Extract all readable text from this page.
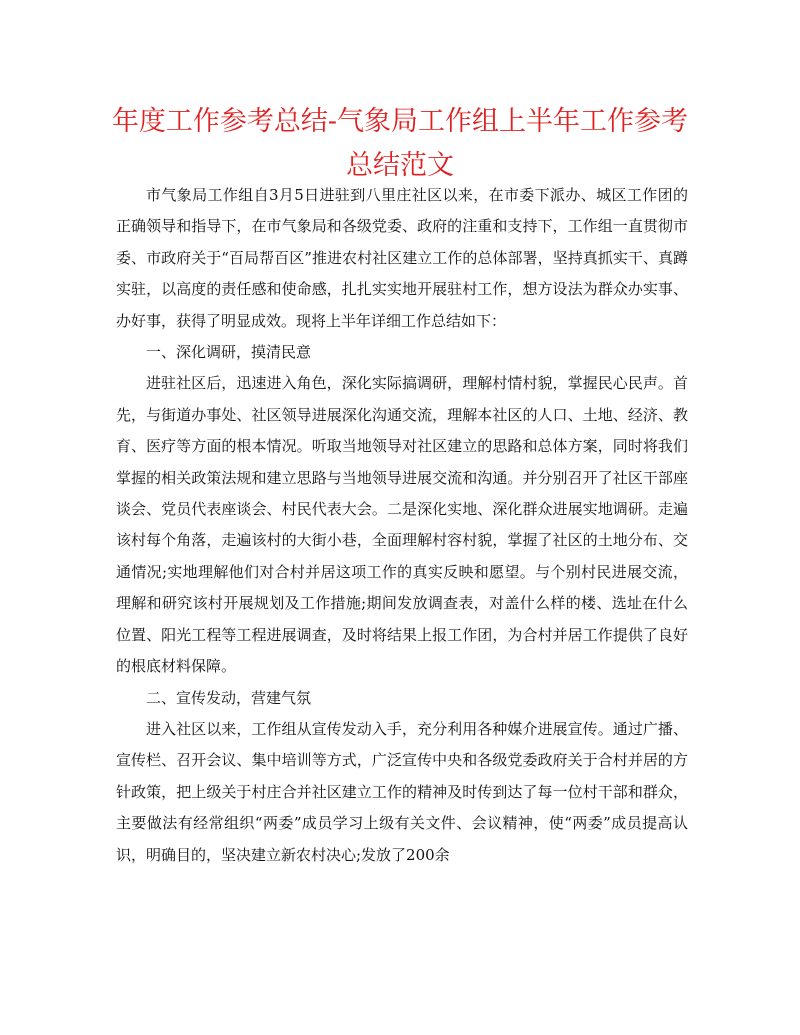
年度工作参考总结-气象局工作组上半年工作参考总结范文

市气象局工作组自3月5日进驻到八里庄社区以来，在市委下派办、城区工作团的正确领导和指导下，在市气象局和各级党委、政府的注重和支持下，工作组一直贯彻市委、市政府关于“百局帮百区”推进农村社区建立工作的总体部署，坚持真抓实干、真蹲实驻，以高度的责任感和使命感，扎扎实实地开展驻村工作，想方设法为群众办实事、办好事，获得了明显成效。现将上半年详细工作总结如下：

一、深化调研，摸清民意

进驻社区后，迅速进入角色，深化实际搞调研，理解村情村貌，掌握民心民声。首先，与街道办事处、社区领导进展深化沟通交流，理解本社区的人口、土地、经济、教育、医疗等方面的根本情况。听取当地领导对社区建立的思路和总体方案，同时将我们掌握的相关政策法规和建立思路与当地领导进展交流和沟通。并分别召开了社区干部座谈会、党员代表座谈会、村民代表大会。二是深化实地、深化群众进展实地调研。走遍该村每个角落，走遍该村的大街小巷，全面理解村容村貌，掌握了社区的土地分布、交通情况;实地理解他们对合村并居这项工作的真实反映和愿望。与个别村民进展交流，理解和研究该村开展规划及工作措施;期间发放调查表，对盖什么样的楼、选址在什么位置、阳光工程等工程进展调查，及时将结果上报工作团，为合村并居工作提供了良好的根底材料保障。

二、宣传发动，营建气氛

进入社区以来，工作组从宣传发动入手，充分利用各种媒介进展宣传。通过广播、宣传栏、召开会议、集中培训等方式，广泛宣传中央和各级党委政府关于合村并居的方针政策，把上级关于村庄合并社区建立工作的精神及时传到达了每一位村干部和群众，主要做法有经常组织“两委”成员学习上级有关文件、会议精神，使“两委”成员提高认识，明确目的，坚决建立新农村决心;发放了200余
